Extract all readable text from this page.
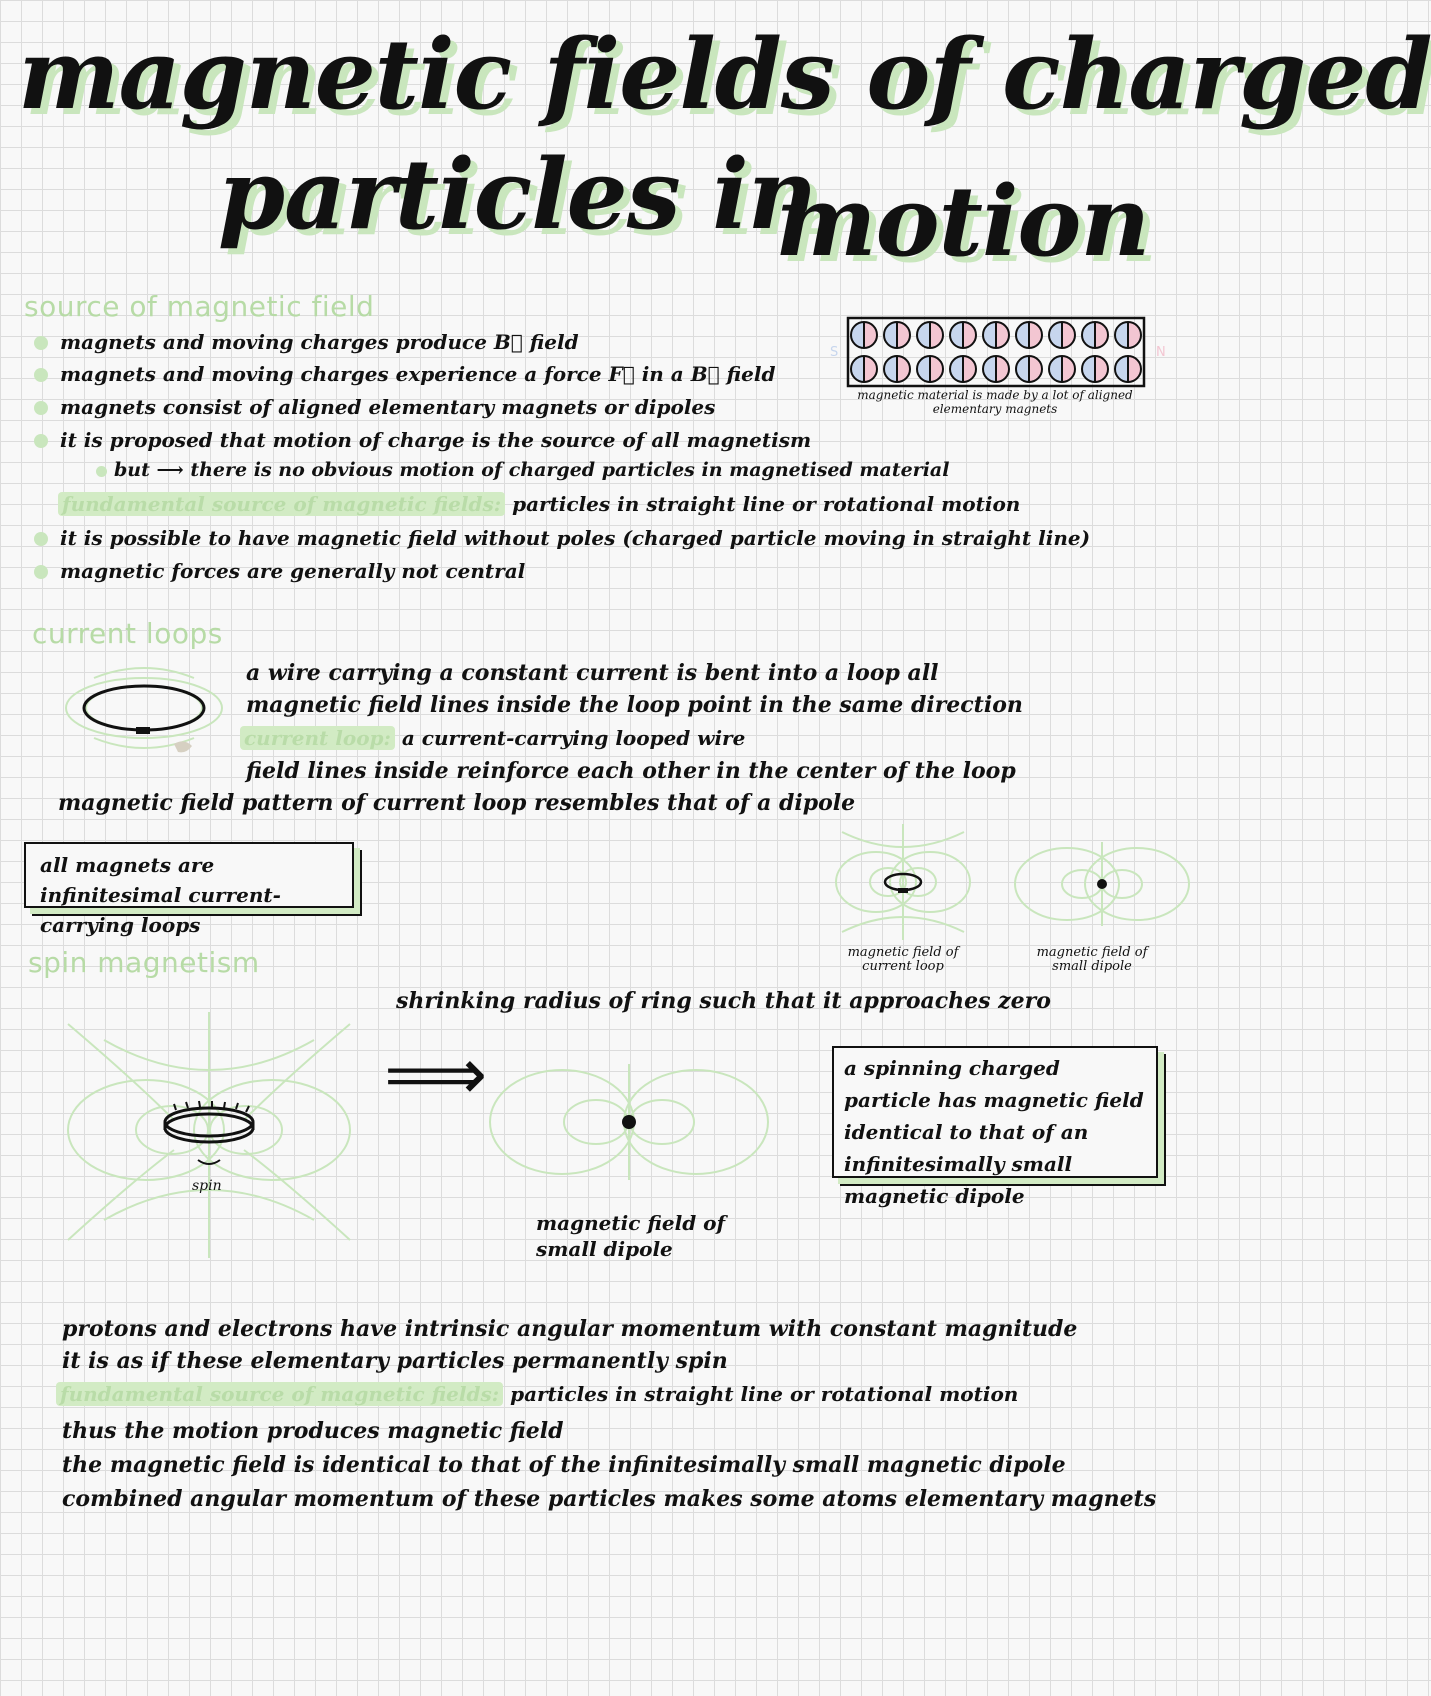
magnetic fields of charged
particles in
motion
source of magnetic field
magnets and moving charges produce B⃗ field
magnets and moving charges experience a force F⃗ in a B⃗ field
magnets consist of aligned elementary magnets or dipoles
it is proposed that motion of charge is the source of all magnetism
but ⟶ there is no obvious motion of charged particles in magnetised material
fundamental source of magnetic fields: particles in straight line or rotational motion
it is possible to have magnetic field without poles (charged particle moving in straight line)
magnetic forces are generally not central
S	N
magnetic material is made by a lot of aligned elementary magnets
current loops
a wire carrying a constant current is bent into a loop all
magnetic field lines inside the loop point in the same direction
current loop: a current-carrying looped wire
field lines inside reinforce each other in the center of the loop
magnetic field pattern of current loop resembles that of a dipole
all magnets are infinitesimal current-carrying loops
magnetic field of current loop
magnetic field of small dipole
spin magnetism
shrinking radius of ring such that it approaches zero
spin
⟹
magnetic field of small dipole
a spinning charged particle has magnetic field identical to that of an infinitesimally small magnetic dipole
protons and electrons have intrinsic angular momentum with constant magnitude
it is as if these elementary particles permanently spin
fundamental source of magnetic fields: particles in straight line or rotational motion
thus the motion produces magnetic field
the magnetic field is identical to that of the infinitesimally small magnetic dipole
combined angular momentum of these particles makes some atoms elementary magnets
